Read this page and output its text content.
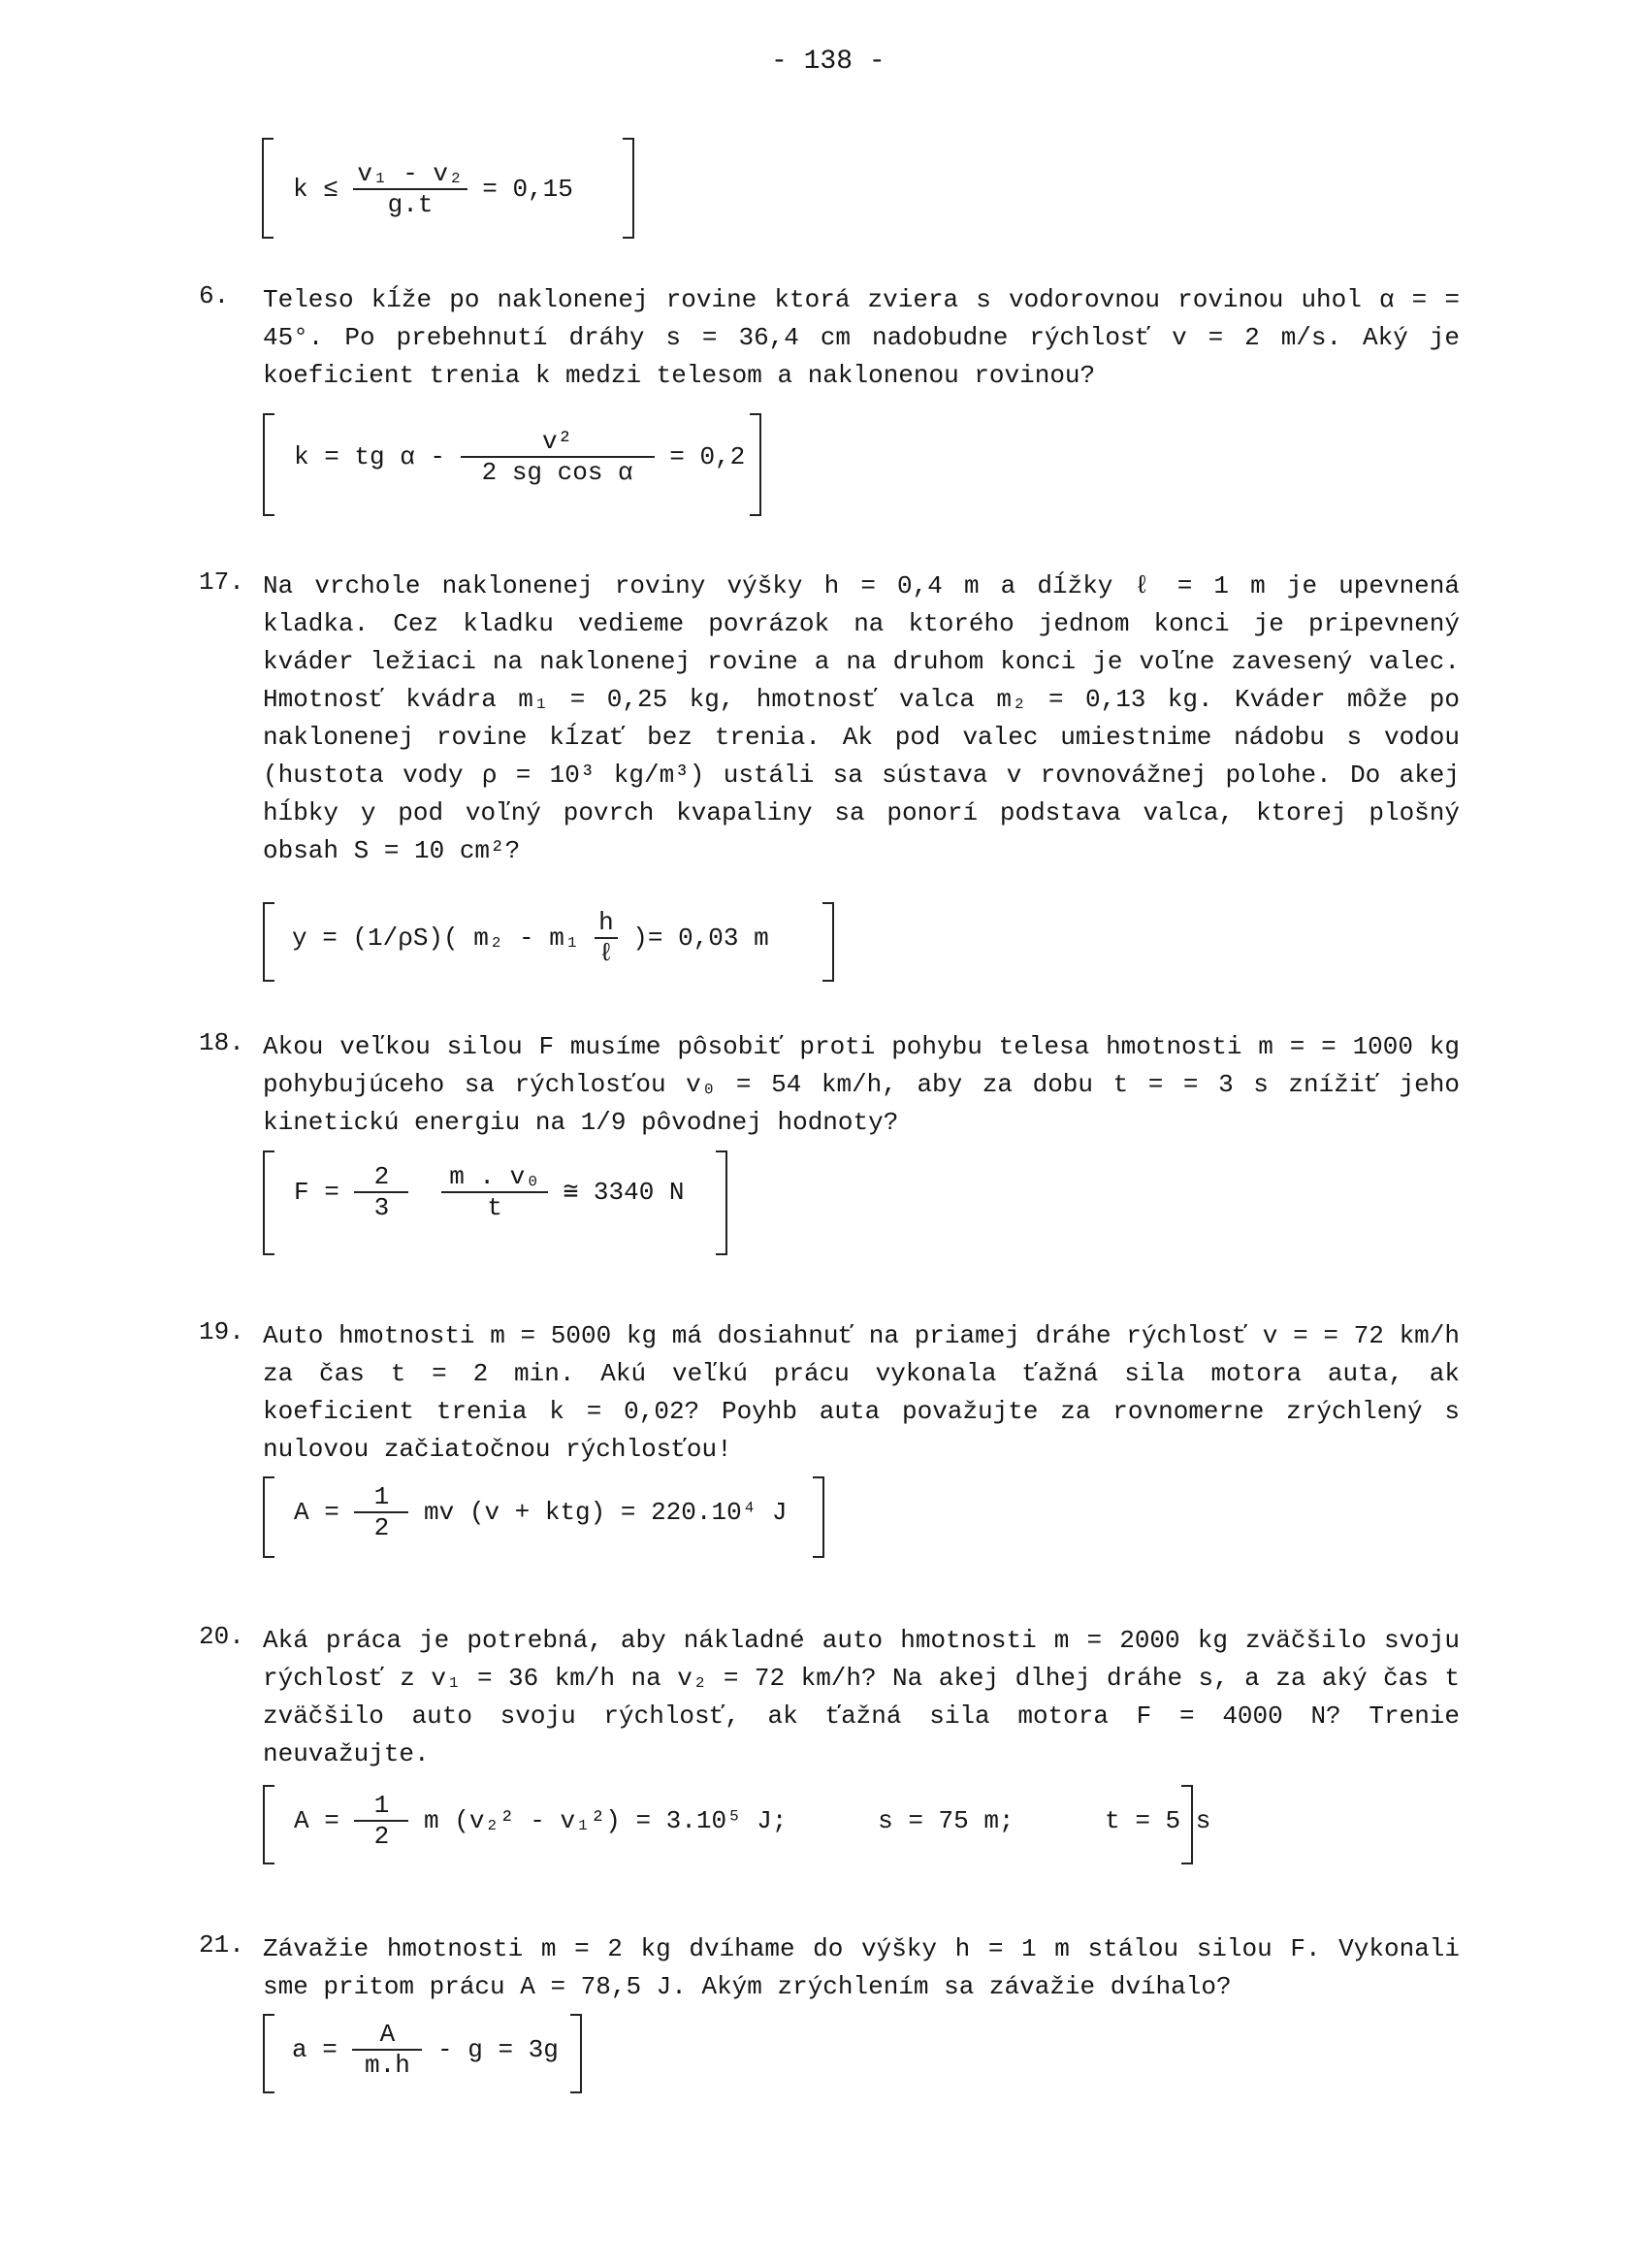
- 138 -
$k \le \frac{\text{v₁ - v₂}}{g.t} = 0,15$
6. Teleso kĺže po naklonenej rovine ktorá zviera s vodorovnou rovinou uhol α = = 45°. Po prebehnutí dráhy s = 36,4 cm nadobudne rýchlosť v = 2 m/s. Aký je koeficient trenia k medzi telesom a naklonenou rovinou?
k = tg $\alpha - \frac{\text{v²}}{\text{2 sg cos α}} = 0,2$
17. Na vrchole naklonenej roviny výšky h = 0,4 m a dĺžky ℓ = 1 m je upevnená kladka. Cez kladku vedieme povrázok na ktorého jednom konci je pripevnený kváder ležiaci na naklonenej rovine a na druhom konci je voľne zavesený valec. Hmotnosť kvádra m₁ = 0,25 kg, hmotnosť valca m₂ = 0,13 kg. Kváder môže po naklonenej rovine kĺzať bez trenia. Ak pod valec umiestnime nádobu s vodou (hustota vody ρ = 10³ kg/m³) ustáli sa sústava v rovnovážnej polohe. Do akej hĺbky y pod voľný povrch kvapaliny sa ponorí podstava valca, ktorej plošný obsah S = 10 cm²?
y = (1/ρS)( $m_2 - m_1 \frac{h}{\text{ℓ}}$ )= 0,03 m
18. Akou veľkou silou F musíme pôsobiť proti pohybu telesa hmotnosti m = = 1000 kg pohybujúceho sa rýchlosťou v₀ = 54 km/h, aby za dobu t = = 3 s znížiť jeho kinetickú energiu na 1/9 pôvodnej hodnoty?
$F = \frac{2}{3}$
$\frac{\text{m . v₀}}{t}$ ≅ 3340 N
19. Auto hmotnosti m = 5000 kg má dosiahnuť na priamej dráhe rýchlosť v = = 72 km/h za čas t = 2 min. Akú veľkú prácu vykonala ťažná sila motora auta, ak koeficient trenia k = 0,02? Poyhb auta považujte za rovnomerne zrýchlený s nulovou začiatočnou rýchlosťou!
$A = \frac{1}{2}$ mv (v + ktg) = 220.10⁴ J
20. Aká práca je potrebná, aby nákladné auto hmotnosti m = 2000 kg zväčšilo svoju rýchlosť z v₁ = 36 km/h na v₂ = 72 km/h? Na akej dlhej dráhe s, a za aký čas t zväčšilo auto svoju rýchlosť, ak ťažná sila motora F = 4000 N? Trenie neuvažujte.
$A = \frac{1}{2}$ m (v₂² - v₁²) = 3.10⁵ J;      s = 75 m;      t = 5 s
21. Závažie hmotnosti m = 2 kg dvíhame do výšky h = 1 m stálou silou F. Vykonali sme pritom prácu A = 78,5 J. Akým zrýchlením sa závažie dvíhalo?
$a = \frac{A}{m.h} - g = 3g$
